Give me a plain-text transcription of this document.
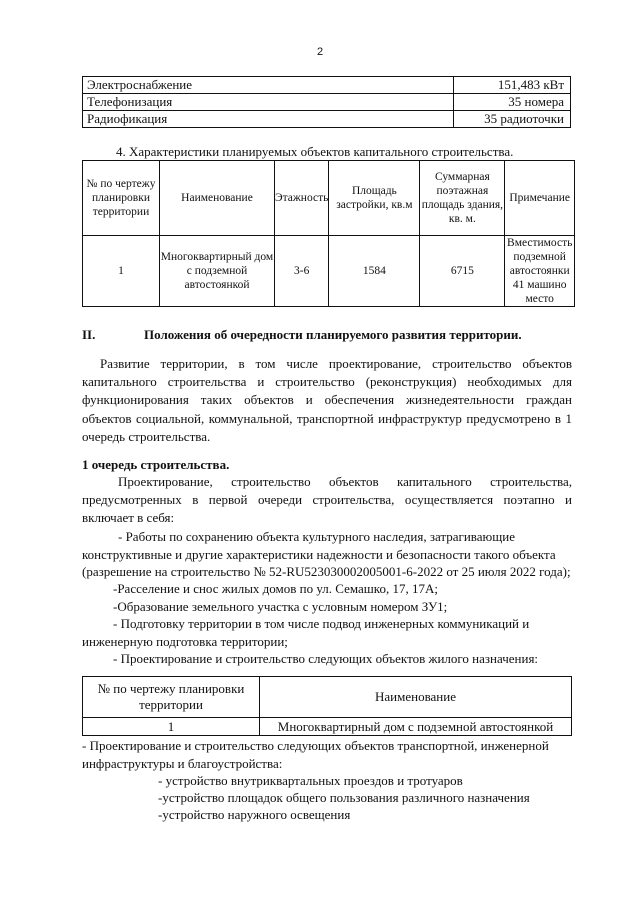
2
Электроснабжение	151,483 кВт
Телефонизация	35 номера
Радиофикация	35 радиоточки
4. Характеристики планируемых объектов капитального строительства.
№ по чертежу планировки территории	Наименование	Этажность	Площадь застройки, кв.м	Суммарная поэтажная площадь здания, кв. м.	Примечание
1	Многоквартирный дом с подземной автостоянкой	3-6	1584	6715	Вместимость подземной автостоянки 41 машино место
II.	Положения об очередности планируемого развития территории.
Развитие территории, в том числе проектирование, строительство объектов капитального строительства и строительство (реконструкция) необходимых для функционирования таких объектов и обеспечения жизнедеятельности граждан объектов социальной, коммунальной, транспортной инфраструктур предусмотрено в 1 очередь строительства.
1 очередь строительства.
Проектирование, строительство объектов капитального строительства, предусмотренных в первой очереди строительства, осуществляется поэтапно и включает в себя:
- Работы по сохранению объекта культурного наследия, затрагивающие конструктивные и другие характеристики надежности и безопасности такого объекта (разрешение на строительство № 52-RU523030002005001-6-2022 от 25 июля 2022 года);
-Расселение и снос жилых домов по ул. Семашко, 17, 17А;
-Образование земельного участка с условным номером ЗУ1;
- Подготовку территории в том числе подвод инженерных коммуникаций и инженерную подготовка территории;
- Проектирование и строительство следующих объектов жилого назначения:
№ по чертежу планировки территории	Наименование
1	Многоквартирный дом с подземной автостоянкой
- Проектирование и строительство следующих объектов транспортной, инженерной инфраструктуры и благоустройства:
- устройство внутриквартальных проездов и тротуаров
-устройство площадок общего пользования различного назначения
-устройство наружного освещения
